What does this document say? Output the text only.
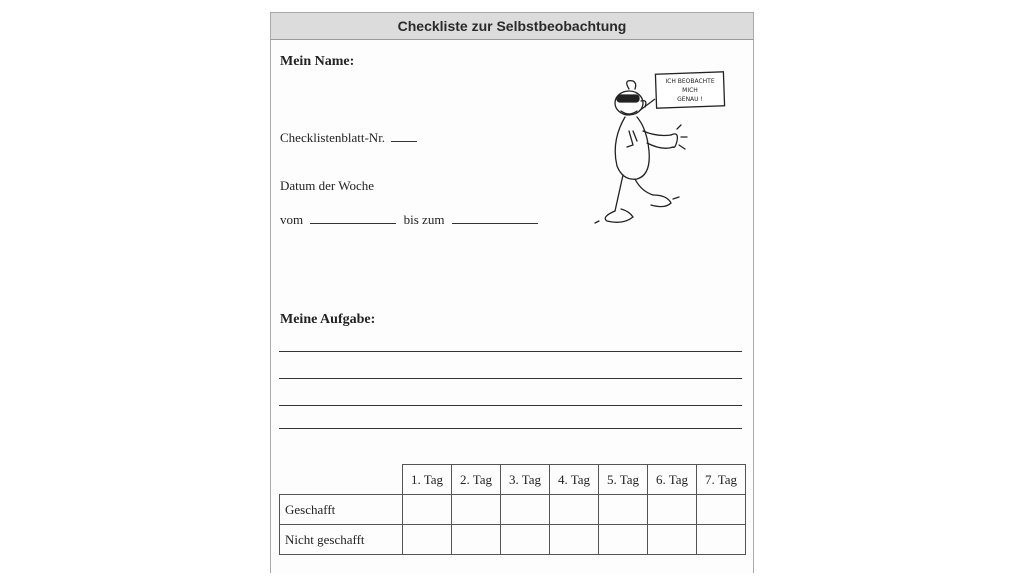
Checkliste zur Selbstbeobachtung
Mein Name:
Checklistenblatt-Nr.
Datum der Woche
vom	bis zum
Meine Aufgabe:
ICH BEOBACHTE
MICH
GENAU !
	1. Tag	2. Tag	3. Tag	4. Tag	5. Tag	6. Tag	7. Tag
Geschafft							
Nicht geschafft							
